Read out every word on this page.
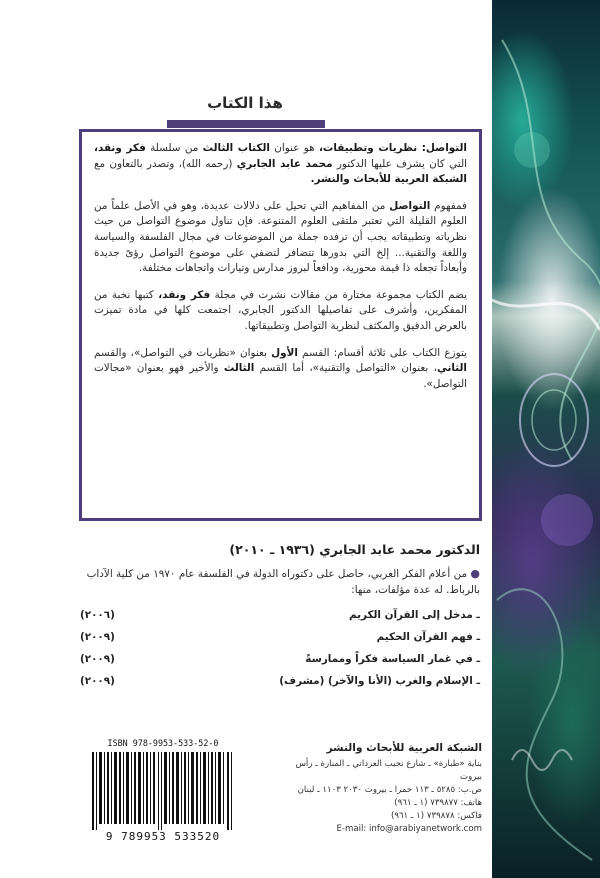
هذا الكتاب

التواصل: نظريات وتطبيقات، هو عنوان الكتاب الثالث من سلسلة فكر ونقد، التي كان يشرف عليها الدكتور محمد عابد الجابري (رحمه الله)، وتصدر بالتعاون مع الشبكة العربية للأبحاث والنشر.

فمفهوم التواصل من المفاهيم التي تحيل على دلالات عديدة، وهو في الأصل علماً من العلوم القليلة التي تعتبر ملتقى العلوم المتنوعة. فإن تناول موضوع التواصل من حيث نظرياته وتطبيقاته يجب أن ترفده جملة من الموضوعات في مجال الفلسفة والسياسة واللغة والتقنية... إلخ التي بدورها تتضافر لتضفي على موضوع التواصل رؤىً جديدة وأبعاداً تجعله ذا قيمة محورية، ودافعاً لبروز مدارس وتيارات واتجاهات مختلفة.

يضم الكتاب مجموعة مختارة من مقالات نشرت في مجلة فكر ونقد، كتبها نخبة من المفكرين، وأشرف على تفاصيلها الدكتور الجابري، اجتمعت كلها في مادة تميزت بالعرض الدقيق والمكثف لنظرية التواصل وتطبيقاتها.

يتوزع الكتاب على ثلاثة أقسام: القسم الأول بعنوان «نظريات في التواصل»، والقسم الثاني، بعنوان «التواصل والتقنية»، أما القسم الثالث والأخير فهو بعنوان «مجالات التواصل».

الدكتور محمد عابد الجابري (١٩٣٦ ـ ٢٠١٠)
● من أعلام الفكر العربي، حاصل على دكتوراه الدولة في الفلسفة عام ١٩٧٠ من كلية الآداب بالرباط. له عدة مؤلفات، منها:
ـ مدخل إلى القرآن الكريم
(٢٠٠٦)
ـ فهم القرآن الحكيم
(٢٠٠٩)
ـ في غمار السياسة فكراً وممارسةً
(٢٠٠٩)
ـ الإسلام والغرب (الأنا والآخر) (مشرف)
(٢٠٠٩)
الشبكة العربية للأبحاث والنشر
بناية «طبارة» ـ شارع نجيب العرداتي ـ المنارة ـ رأس بيروت
ص.ب: ٥٢٨٥ ـ ١١٣ حمرا ـ بيروت ٢٠٣٠ ١١٠٣ ـ لبنان
هاتف: ٧٣٩٨٧٧ (١ ـ ٩٦١)
فاكس: ٧٣٩٨٧٨ (١ ـ ٩٦١)
E-mail: info@arabiyanetwork.com
ISBN 978-9953-533-52-0
9 789953 533520
